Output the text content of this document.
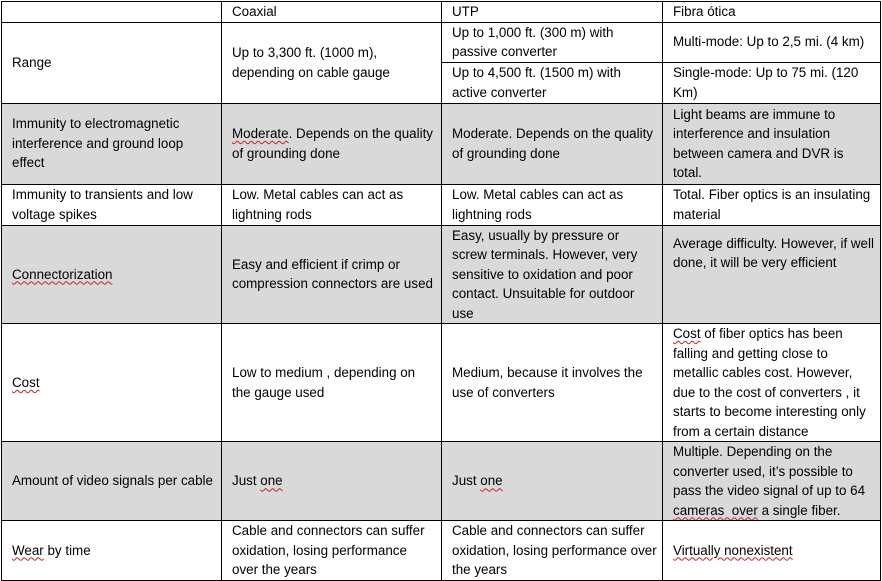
	Coaxial	UTP	Fibra ótica
Range	Up to 3,300 ft. (1000 m), depending on cable gauge	Up to 1,000 ft. (300 m) with passive converter	Multi-mode: Up to 2,5 mi. (4 km)
		Up to 4,500 ft. (1500 m) with active converter	Single-mode: Up to 75 mi. (120 Km)
Immunity to electromagnetic interference and ground loop effect	Moderate. Depends on the quality of grounding done	Moderate. Depends on the quality of grounding done	Light beams are immune to interference and insulation between camera and DVR is total.
Immunity to transients and low voltage spikes	Low. Metal cables can act as lightning rods	Low. Metal cables can act as lightning rods	Total. Fiber optics is an insulating material
Connectorization	Easy and efficient if crimp or compression connectors are used	Easy, usually by pressure or screw terminals. However, very sensitive to oxidation and poor contact. Unsuitable for outdoor use	Average difficulty. However, if well done, it will be very efficient
Cost	Low to medium , depending on the gauge used	Medium, because it involves the use of converters	Cost of fiber optics has been falling and getting close to metallic cables cost. However, due to the cost of converters , it starts to become interesting only from a certain distance
Amount of video signals per cable	Just one	Just one	Multiple. Depending on the converter used, it’s possible to pass the video signal of up to 64 cameras  over a single fiber.
Wear by time	Cable and connectors can suffer oxidation, losing performance over the years	Cable and connectors can suffer oxidation, losing performance over the years	Virtually nonexistent
